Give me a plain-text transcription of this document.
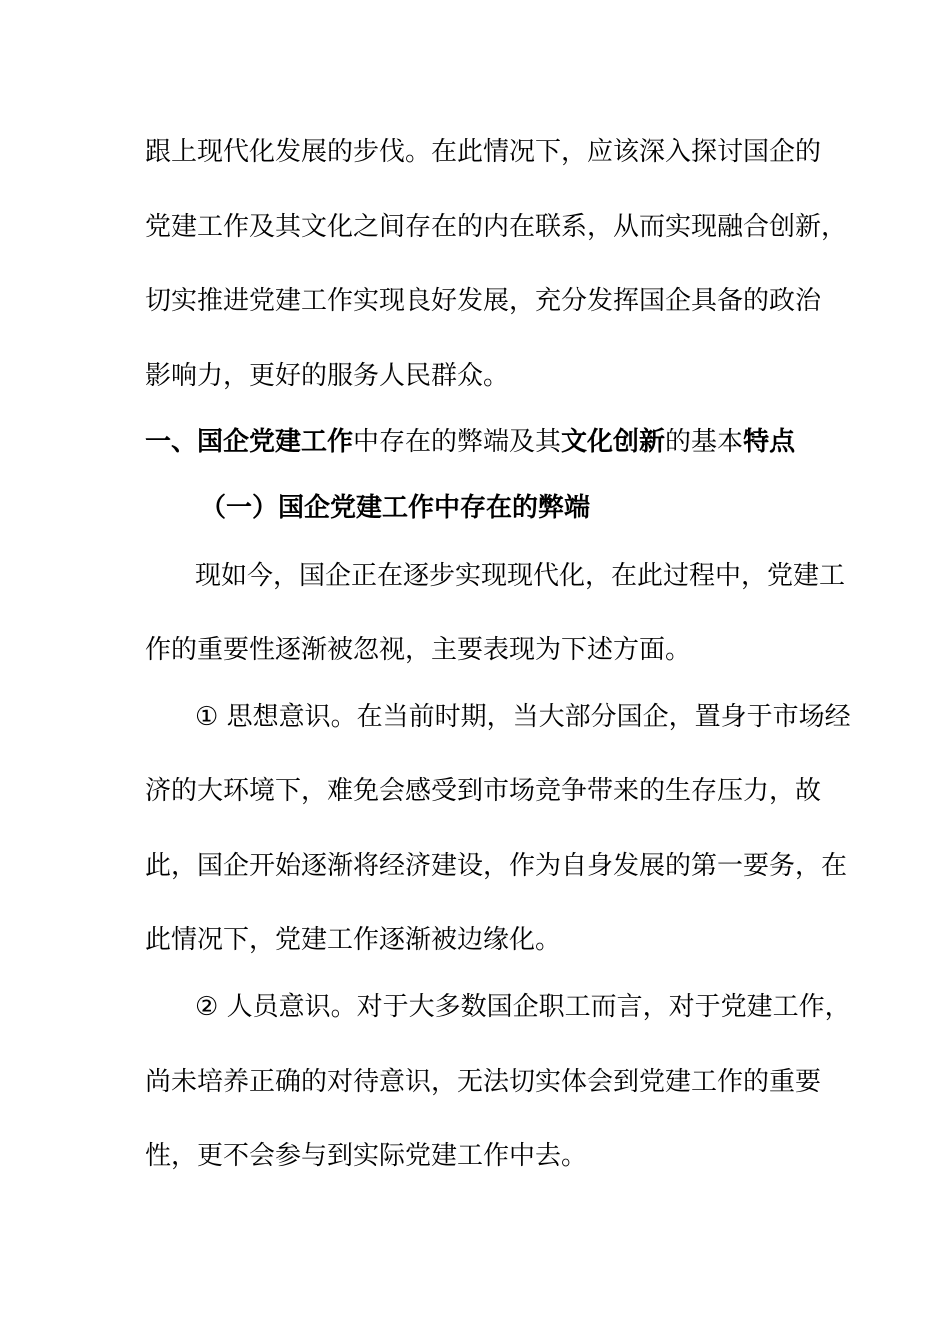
跟上现代化发展的步伐。在此情况下，应该深入探讨国企的
党建工作及其文化之间存在的内在联系，从而实现融合创新，
切实推进党建工作实现良好发展，充分发挥国企具备的政治
影响力，更好的服务人民群众。
一、国企党建工作中存在的弊端及其文化创新的基本特点
（一）国企党建工作中存在的弊端
现如今，国企正在逐步实现现代化，在此过程中，党建工
作的重要性逐渐被忽视，主要表现为下述方面。
① 思想意识。在当前时期，当大部分国企，置身于市场经
济的大环境下，难免会感受到市场竞争带来的生存压力，故
此，国企开始逐渐将经济建设，作为自身发展的第一要务，在
此情况下，党建工作逐渐被边缘化。
② 人员意识。对于大多数国企职工而言，对于党建工作，
尚未培养正确的对待意识，无法切实体会到党建工作的重要
性，更不会参与到实际党建工作中去。
